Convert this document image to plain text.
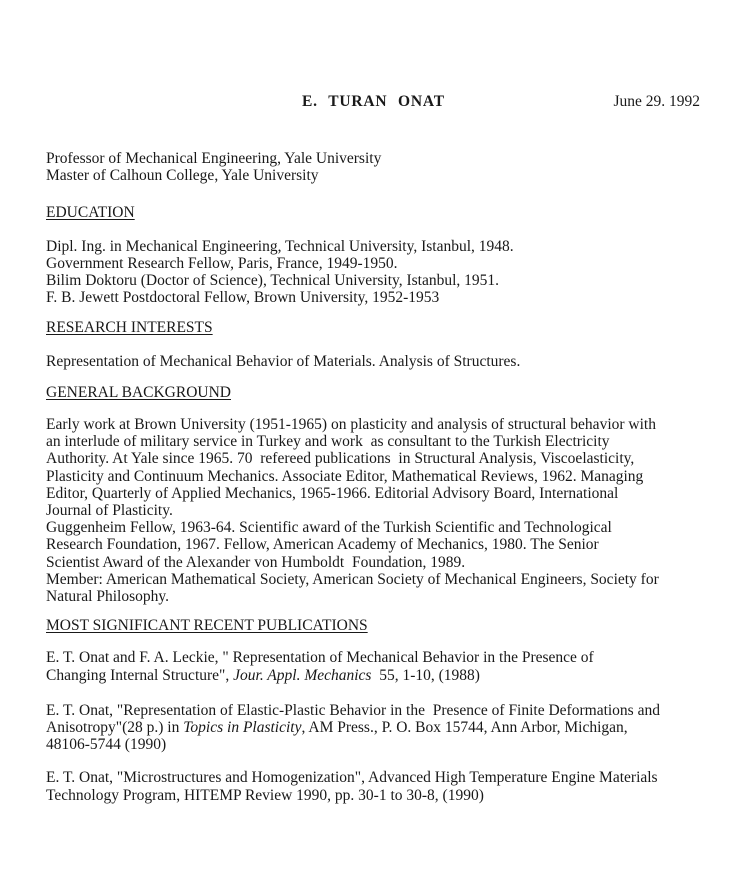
E. TURAN ONAT	June 29. 1992
Professor of Mechanical Engineering, Yale University
Master of Calhoun College, Yale University
EDUCATION
Dipl. Ing. in Mechanical Engineering, Technical University, Istanbul, 1948.
Government Research Fellow, Paris, France, 1949-1950.
Bilim Doktoru (Doctor of Science), Technical University, Istanbul, 1951.
F. B. Jewett Postdoctoral Fellow, Brown University, 1952-1953
RESEARCH INTERESTS
Representation of Mechanical Behavior of Materials. Analysis of Structures.
GENERAL BACKGROUND
Early work at Brown University (1951-1965) on plasticity and analysis of structural behavior with
an interlude of military service in Turkey and work  as consultant to the Turkish Electricity
Authority. At Yale since 1965. 70  refereed publications  in Structural Analysis, Viscoelasticity,
Plasticity and Continuum Mechanics. Associate Editor, Mathematical Reviews, 1962. Managing
Editor, Quarterly of Applied Mechanics, 1965-1966. Editorial Advisory Board, International
Journal of Plasticity.
Guggenheim Fellow, 1963-64. Scientific award of the Turkish Scientific and Technological
Research Foundation, 1967. Fellow, American Academy of Mechanics, 1980. The Senior
Scientist Award of the Alexander von Humboldt  Foundation, 1989.
Member: American Mathematical Society, American Society of Mechanical Engineers, Society for
Natural Philosophy.
MOST SIGNIFICANT RECENT PUBLICATIONS
E. T. Onat and F. A. Leckie, " Representation of Mechanical Behavior in the Presence of
Changing Internal Structure", Jour. Appl. Mechanics  55, 1-10, (1988)
E. T. Onat, "Representation of Elastic-Plastic Behavior in the  Presence of Finite Deformations and
Anisotropy"(28 p.) in Topics in Plasticity, AM Press., P. O. Box 15744, Ann Arbor, Michigan,
48106-5744 (1990)
E. T. Onat, "Microstructures and Homogenization", Advanced High Temperature Engine Materials
Technology Program, HITEMP Review 1990, pp. 30-1 to 30-8, (1990)
